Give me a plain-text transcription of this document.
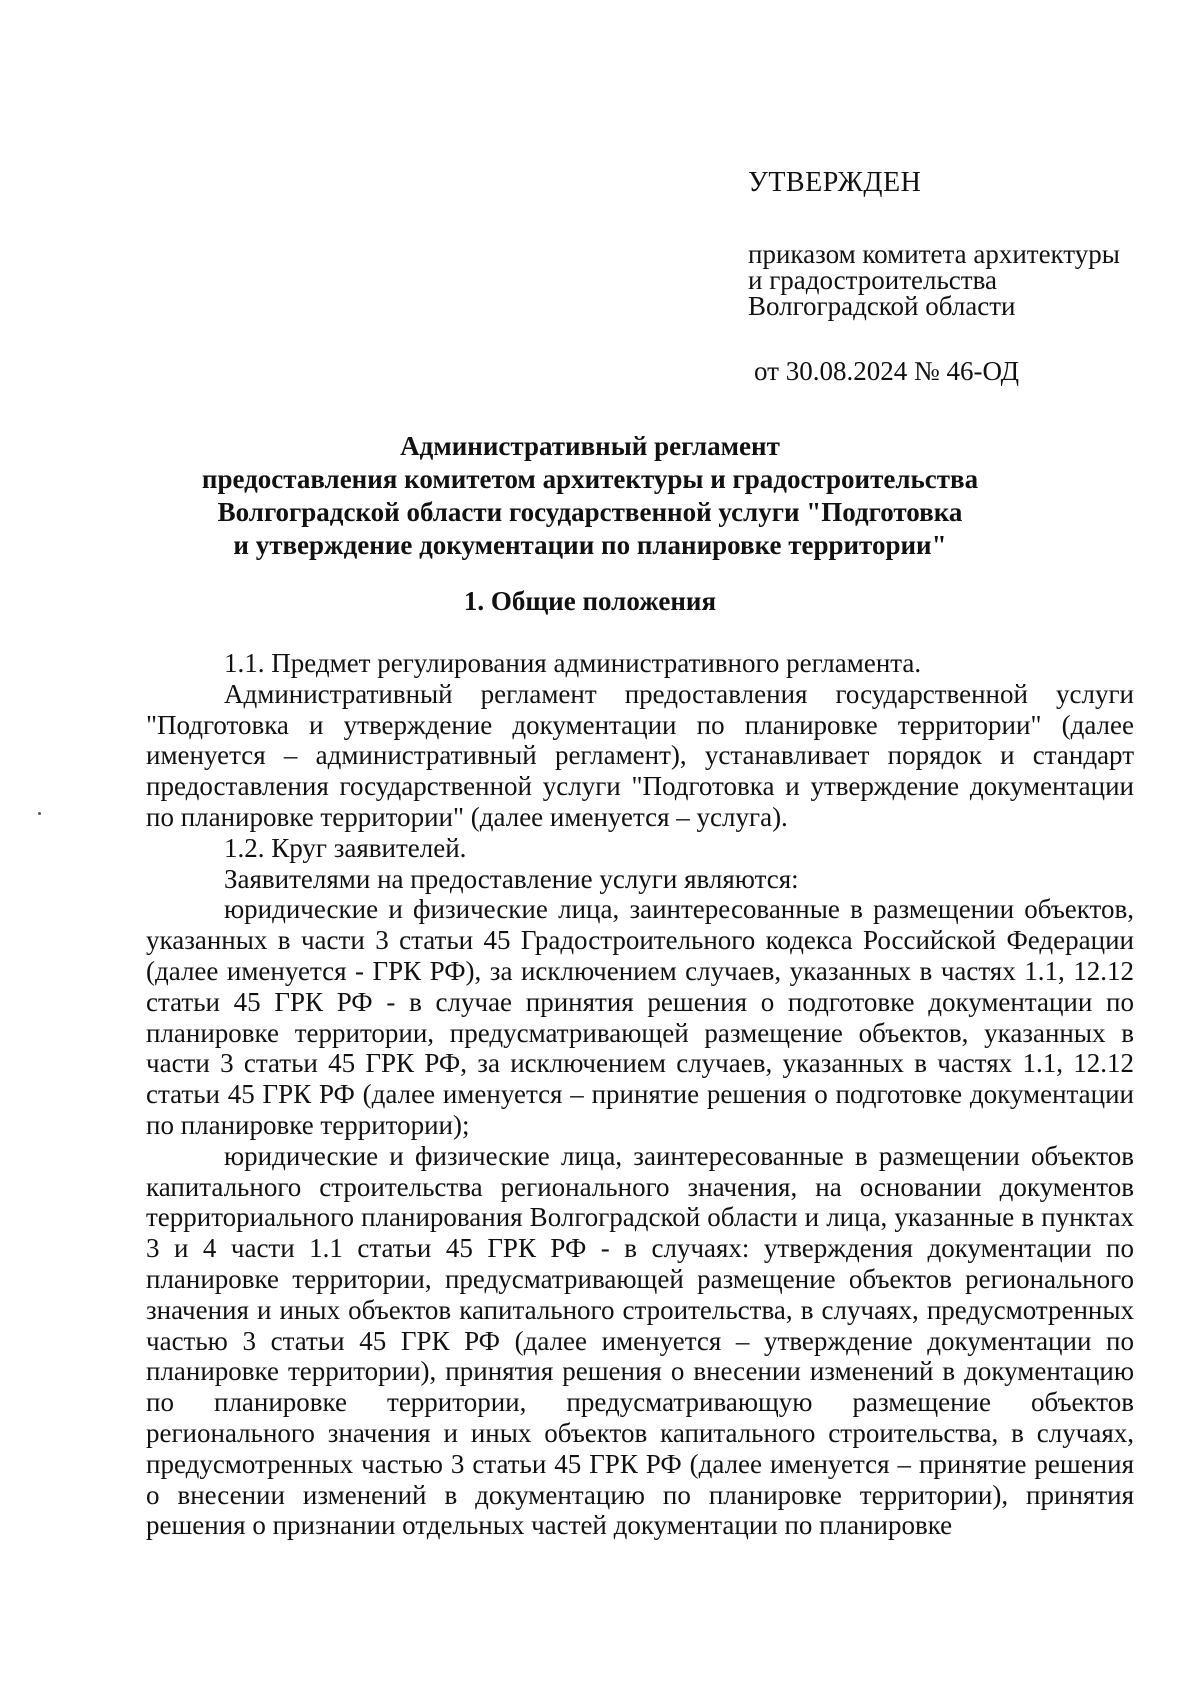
УТВЕРЖДЕН
приказом комитета архитектуры
и градостроительства
Волгоградской области
от 30.08.2024 № 46-ОД
Административный регламент
предоставления комитетом архитектуры и градостроительства
Волгоградской области государственной услуги "Подготовка
и утверждение документации по планировке территории"
1. Общие положения

1.1. Предмет регулирования административного регламента.

Административный регламент предоставления государственной услуги "Подготовка и утверждение документации по планировке территории" (далее именуется – административный регламент), устанавливает порядок и стандарт предоставления государственной услуги "Подготовка и утверждение документации по планировке территории" (далее именуется – услуга).

1.2. Круг заявителей.

Заявителями на предоставление услуги являются:

юридические и физические лица, заинтересованные в размещении объектов, указанных в части 3 статьи 45 Градостроительного кодекса Российской Федерации (далее именуется - ГРК РФ), за исключением случаев, указанных в частях 1.1, 12.12 статьи 45 ГРК РФ - в случае принятия решения о подготовке документации по планировке территории, предусматривающей размещение объектов, указанных в части 3 статьи 45 ГРК РФ, за исключением случаев, указанных в частях 1.1, 12.12 статьи 45 ГРК РФ (далее именуется – принятие решения о подготовке документации по планировке территории);

юридические и физические лица, заинтересованные в размещении объектов капитального строительства регионального значения, на основании документов территориального планирования Волгоградской области и лица, указанные в пунктах 3 и 4 части 1.1 статьи 45 ГРК РФ - в случаях: утверждения документации по планировке территории, предусматривающей размещение объектов регионального значения и иных объектов капитального строительства, в случаях, предусмотренных частью 3 статьи 45 ГРК РФ (далее именуется – утверждение документации по планировке территории), принятия решения о внесении изменений в документацию по планировке территории, предусматривающую размещение объектов регионального значения и иных объектов капитального строительства, в случаях, предусмотренных частью 3 статьи 45 ГРК РФ (далее именуется – принятие решения о внесении изменений в документацию по планировке территории), принятия решения о признании отдельных частей документации по планировке
